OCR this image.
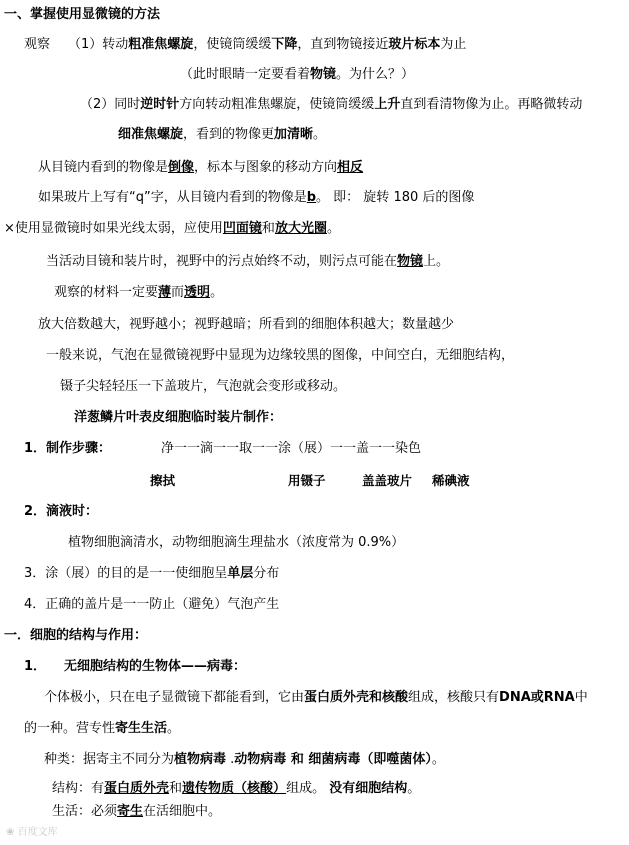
一、掌握使用显微镜的方法
观察 （1）转动粗准焦螺旋，使镜筒缓缓下降，直到物镜接近玻片标本为止
（此时眼睛一定要看着物镜。为什么？）
（2）同时逆时针方向转动粗准焦螺旋，使镜筒缓缓上升直到看清物像为止。再略微转动
细准焦螺旋，看到的物像更加清晰。
从目镜内看到的物像是倒像，标本与图象的移动方向相反
如果玻片上写有“q”字，从目镜内看到的物像是b。 即： 旋转 180 后的图像
×使用显微镜时如果光线太弱，应使用凹面镜和放大光圈。
当活动目镜和装片时，视野中的污点始终不动，则污点可能在物镜上。
观察的材料一定要薄而透明。
放大倍数越大，视野越小；视野越暗；所看到的细胞体积越大；数量越少
一般来说，气泡在显微镜视野中显现为边缘较黑的图像，中间空白，无细胞结构，
镊子尖轻轻压一下盖玻片，气泡就会变形或移动。
洋葱鳞片叶表皮细胞临时装片制作：
1．制作步骤：	净一一滴一一取一一涂（展）一一盖一一染色
擦拭	用镊子	盖盖玻片 稀碘液
2．滴液时：
植物细胞滴清水，动物细胞滴生理盐水（浓度常为 0.9%）
3．涂（展）的目的是一一使细胞呈单层分布
4．正确的盖片是一一防止（避免）气泡产生
一．细胞的结构与作用：
1． 无细胞结构的生物体——病毒：
个体极小，只在电子显微镜下都能看到，它由蛋白质外壳和核酸组成，核酸只有DNA或RNA中
的一种。营专性寄生生活。
种类：据寄主不同分为植物病毒 .动物病毒 和 细菌病毒（即噬菌体）。
结构：有蛋白质外壳和遗传物质（核酸）组成。 没有细胞结构。
生活：必须寄生在活细胞中。
❀ 百度文库
